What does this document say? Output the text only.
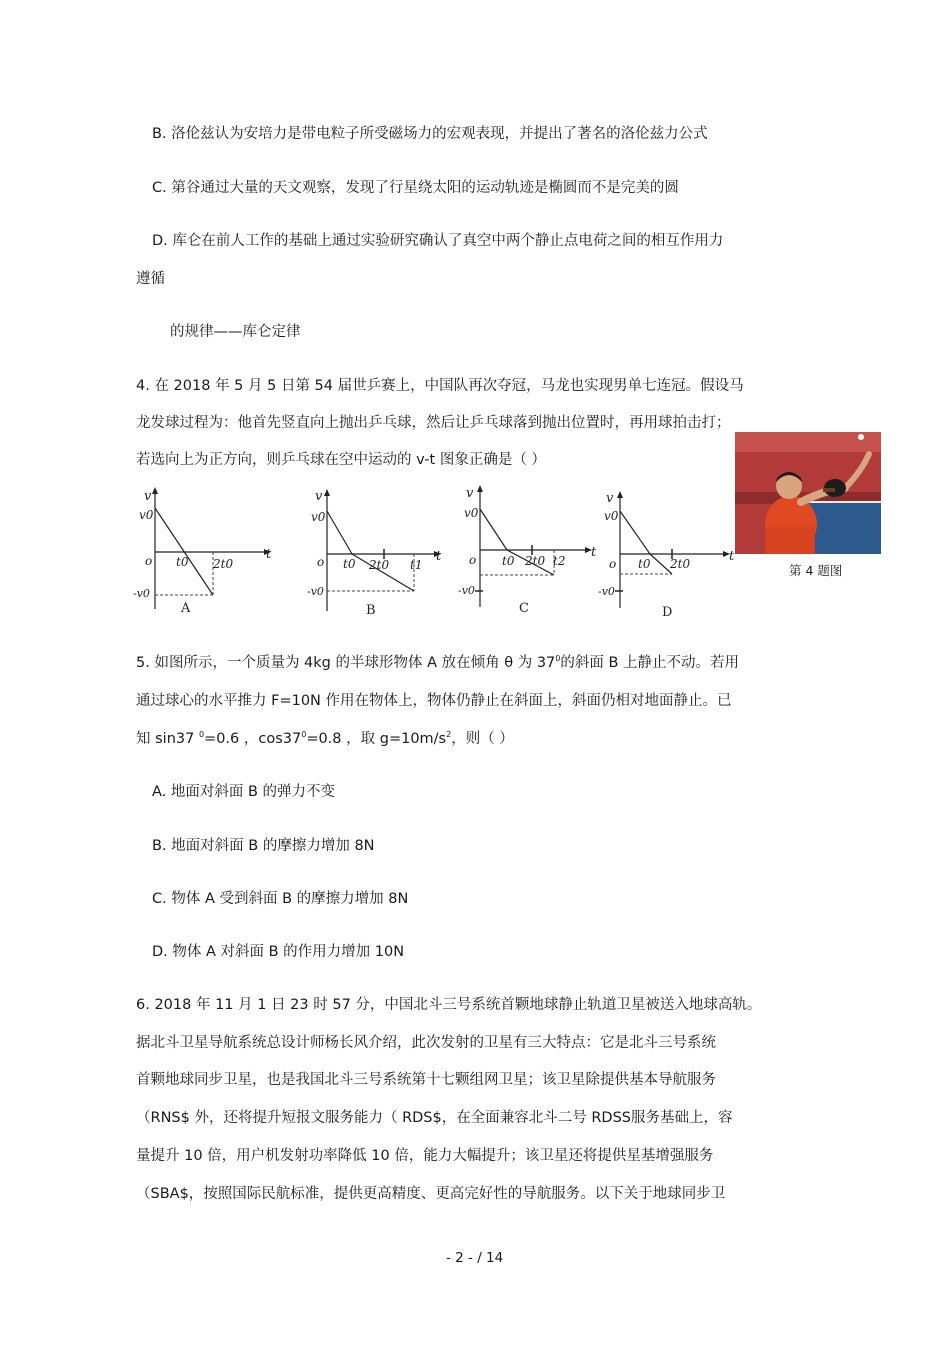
B. 洛伦兹认为安培力是带电粒子所受磁场力的宏观表现，并提出了著名的洛伦兹力公式
C. 第谷通过大量的天文观察，发现了行星绕太阳的运动轨迹是椭圆而不是完美的圆
D. 库仑在前人工作的基础上通过实验研究确认了真空中两个静止点电荷之间的相互作用力
遵循
的规律——库仑定律
4. 在 2018 年 5 月 5 日第 54 届世乒赛上，中国队再次夺冠，马龙也实现男单七连冠。假设马
龙发球过程为：他首先竖直向上抛出乒乓球，然后让乒乓球落到抛出位置时，再用球拍击打；
若选向上为正方向，则乒乓球在空中运动的 v-t 图象正确是（ ）
v
v0
o	t
-v0
t0 2t0
A
v
v0
o	t
-v0
t0 2t0 t1
B
v
v0
o	t
-v0
t0 2t0 t2
C
v
v0
o	t
-v0
t0 2t0
D
第 4 题图
5. 如图所示，一个质量为 4kg 的半球形物体 A 放在倾角 θ 为 $37^0$的斜面 B 上静止不动。若用
通过球心的水平推力 F=10N 作用在物体上，物体仍静止在斜面上，斜面仍相对地面静止。已
知 sin37 $^0$=0.6 ，$\cos 37^0=0.8$ ，取 $g=10m/s^2$，则（ ）
A. 地面对斜面 B 的弹力不变
B. 地面对斜面 B 的摩擦力增加 8N
C. 物体 A 受到斜面 B 的摩擦力增加 8N
D. 物体 A 对斜面 B 的作用力增加 10N
6. 2018 年 11 月 1 日 23 时 57 分，中国北斗三号系统首颗地球静止轨道卫星被送入地球高轨。
据北斗卫星导航系统总设计师杨长风介绍，此次发射的卫星有三大特点：它是北斗三号系统
首颗地球同步卫星，也是我国北斗三号系统第十七颗组网卫星；该卫星除提供基本导航服务
（RNS$ 外，还将提升短报文服务能力（ RDS$，在全面兼容北斗二号 RDSS服务基础上，容
量提升 10 倍，用户机发射功率降低 10 倍，能力大幅提升；该卫星还将提供星基增强服务
（SBA$，按照国际民航标准，提供更高精度、更高完好性的导航服务。以下关于地球同步卫
- 2 - / 14
